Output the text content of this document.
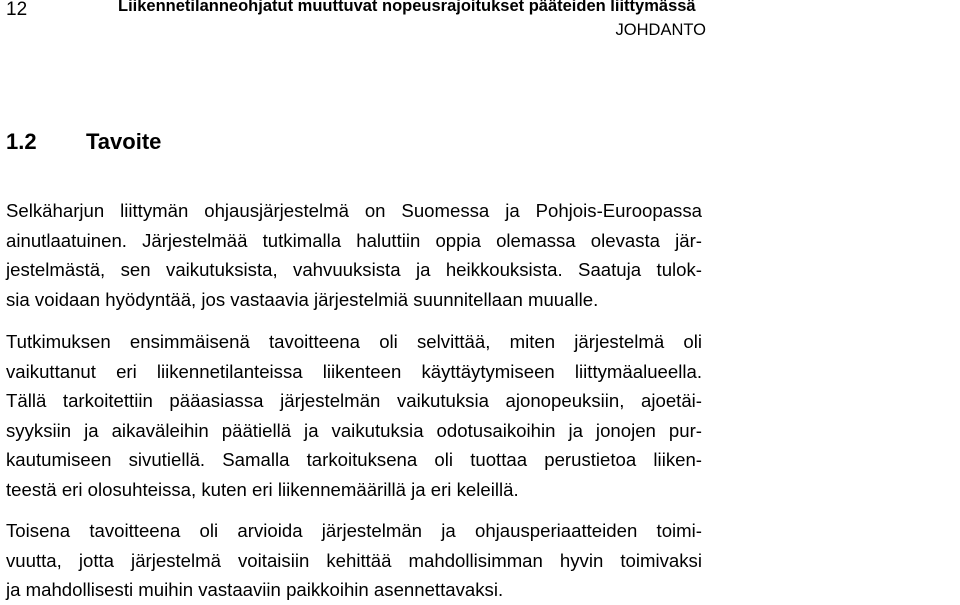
12	Liikennetilanneohjatut muuttuvat nopeusrajoitukset pääteiden liittymässä
JOHDANTO
1.2 Tavoite
Selkäharjun liittymän ohjausjärjestelmä on Suomessa ja Pohjois-Euroopassa
ainutlaatuinen. Järjestelmää tutkimalla haluttiin oppia olemassa olevasta jär-
jestelmästä, sen vaikutuksista, vahvuuksista ja heikkouksista. Saatuja tulok-
sia voidaan hyödyntää, jos vastaavia järjestelmiä suunnitellaan muualle.
Tutkimuksen ensimmäisenä tavoitteena oli selvittää, miten järjestelmä oli
vaikuttanut eri liikennetilanteissa liikenteen käyttäytymiseen liittymäalueella.
Tällä tarkoitettiin pääasiassa järjestelmän vaikutuksia ajonopeuksiin, ajoetäi-
syyksiin ja aikaväleihin päätiellä ja vaikutuksia odotusaikoihin ja jonojen pur-
kautumiseen sivutiellä. Samalla tarkoituksena oli tuottaa perustietoa liiken-
teestä eri olosuhteissa, kuten eri liikennemäärillä ja eri keleillä.
Toisena tavoitteena oli arvioida järjestelmän ja ohjausperiaatteiden toimi-
vuutta, jotta järjestelmä voitaisiin kehittää mahdollisimman hyvin toimivaksi
ja mahdollisesti muihin vastaaviin paikkoihin asennettavaksi.
